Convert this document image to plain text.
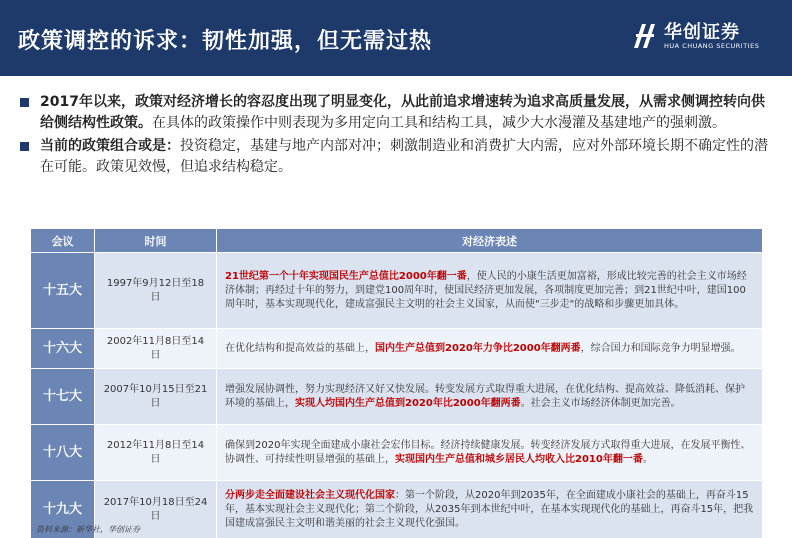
政策调控的诉求：韧性加强，但无需过热	华创证券
HUA CHUANG SECURITIES
2017年以来，政策对经济增长的容忍度出现了明显变化，从此前追求增速转为追求高质量发展，从需求侧调控转向供给侧结构性政策。在具体的政策操作中则表现为多用定向工具和结构工具，减少大水漫灌及基建地产的强刺激。
当前的政策组合或是：投资稳定，基建与地产内部对冲；刺激制造业和消费扩大内需，应对外部环境长期不确定性的潜在可能。政策见效慢，但追求结构稳定。
会议	时间	对经济表述
十五大	1997年9月12日至18日	21世纪第一个十年实现国民生产总值比2000年翻一番，使人民的小康生活更加富裕，形成比较完善的社会主义市场经济体制；再经过十年的努力，到建党100周年时，使国民经济更加发展，各项制度更加完善；到21世纪中叶，建国100周年时，基本实现现代化，建成富强民主文明的社会主义国家，从而使"三步走"的战略和步骤更加具体。
十六大	2002年11月8日至14日	在优化结构和提高效益的基础上，国内生产总值到2020年力争比2000年翻两番，综合国力和国际竞争力明显增强。
十七大	2007年10月15日至21日	增强发展协调性，努力实现经济又好又快发展。转变发展方式取得重大进展，在优化结构、提高效益、降低消耗、保护环境的基础上，实现人均国内生产总值到2020年比2000年翻两番。社会主义市场经济体制更加完善。
十八大	2012年11月8日至14日	确保到2020年实现全面建成小康社会宏伟目标。经济持续健康发展。转变经济发展方式取得重大进展，在发展平衡性、协调性、可持续性明显增强的基础上，实现国内生产总值和城乡居民人均收入比2010年翻一番。
十九大	2017年10月18日至24日	分两步走全面建设社会主义现代化国家：第一个阶段，从2020年到2035年，在全面建成小康社会的基础上，再奋斗15年，基本实现社会主义现代化；第二个阶段，从2035年到本世纪中叶，在基本实现现代化的基础上，再奋斗15年，把我国建成富强民主文明和谐美丽的社会主义现代化强国。
资料来源：新华社，华创证券
